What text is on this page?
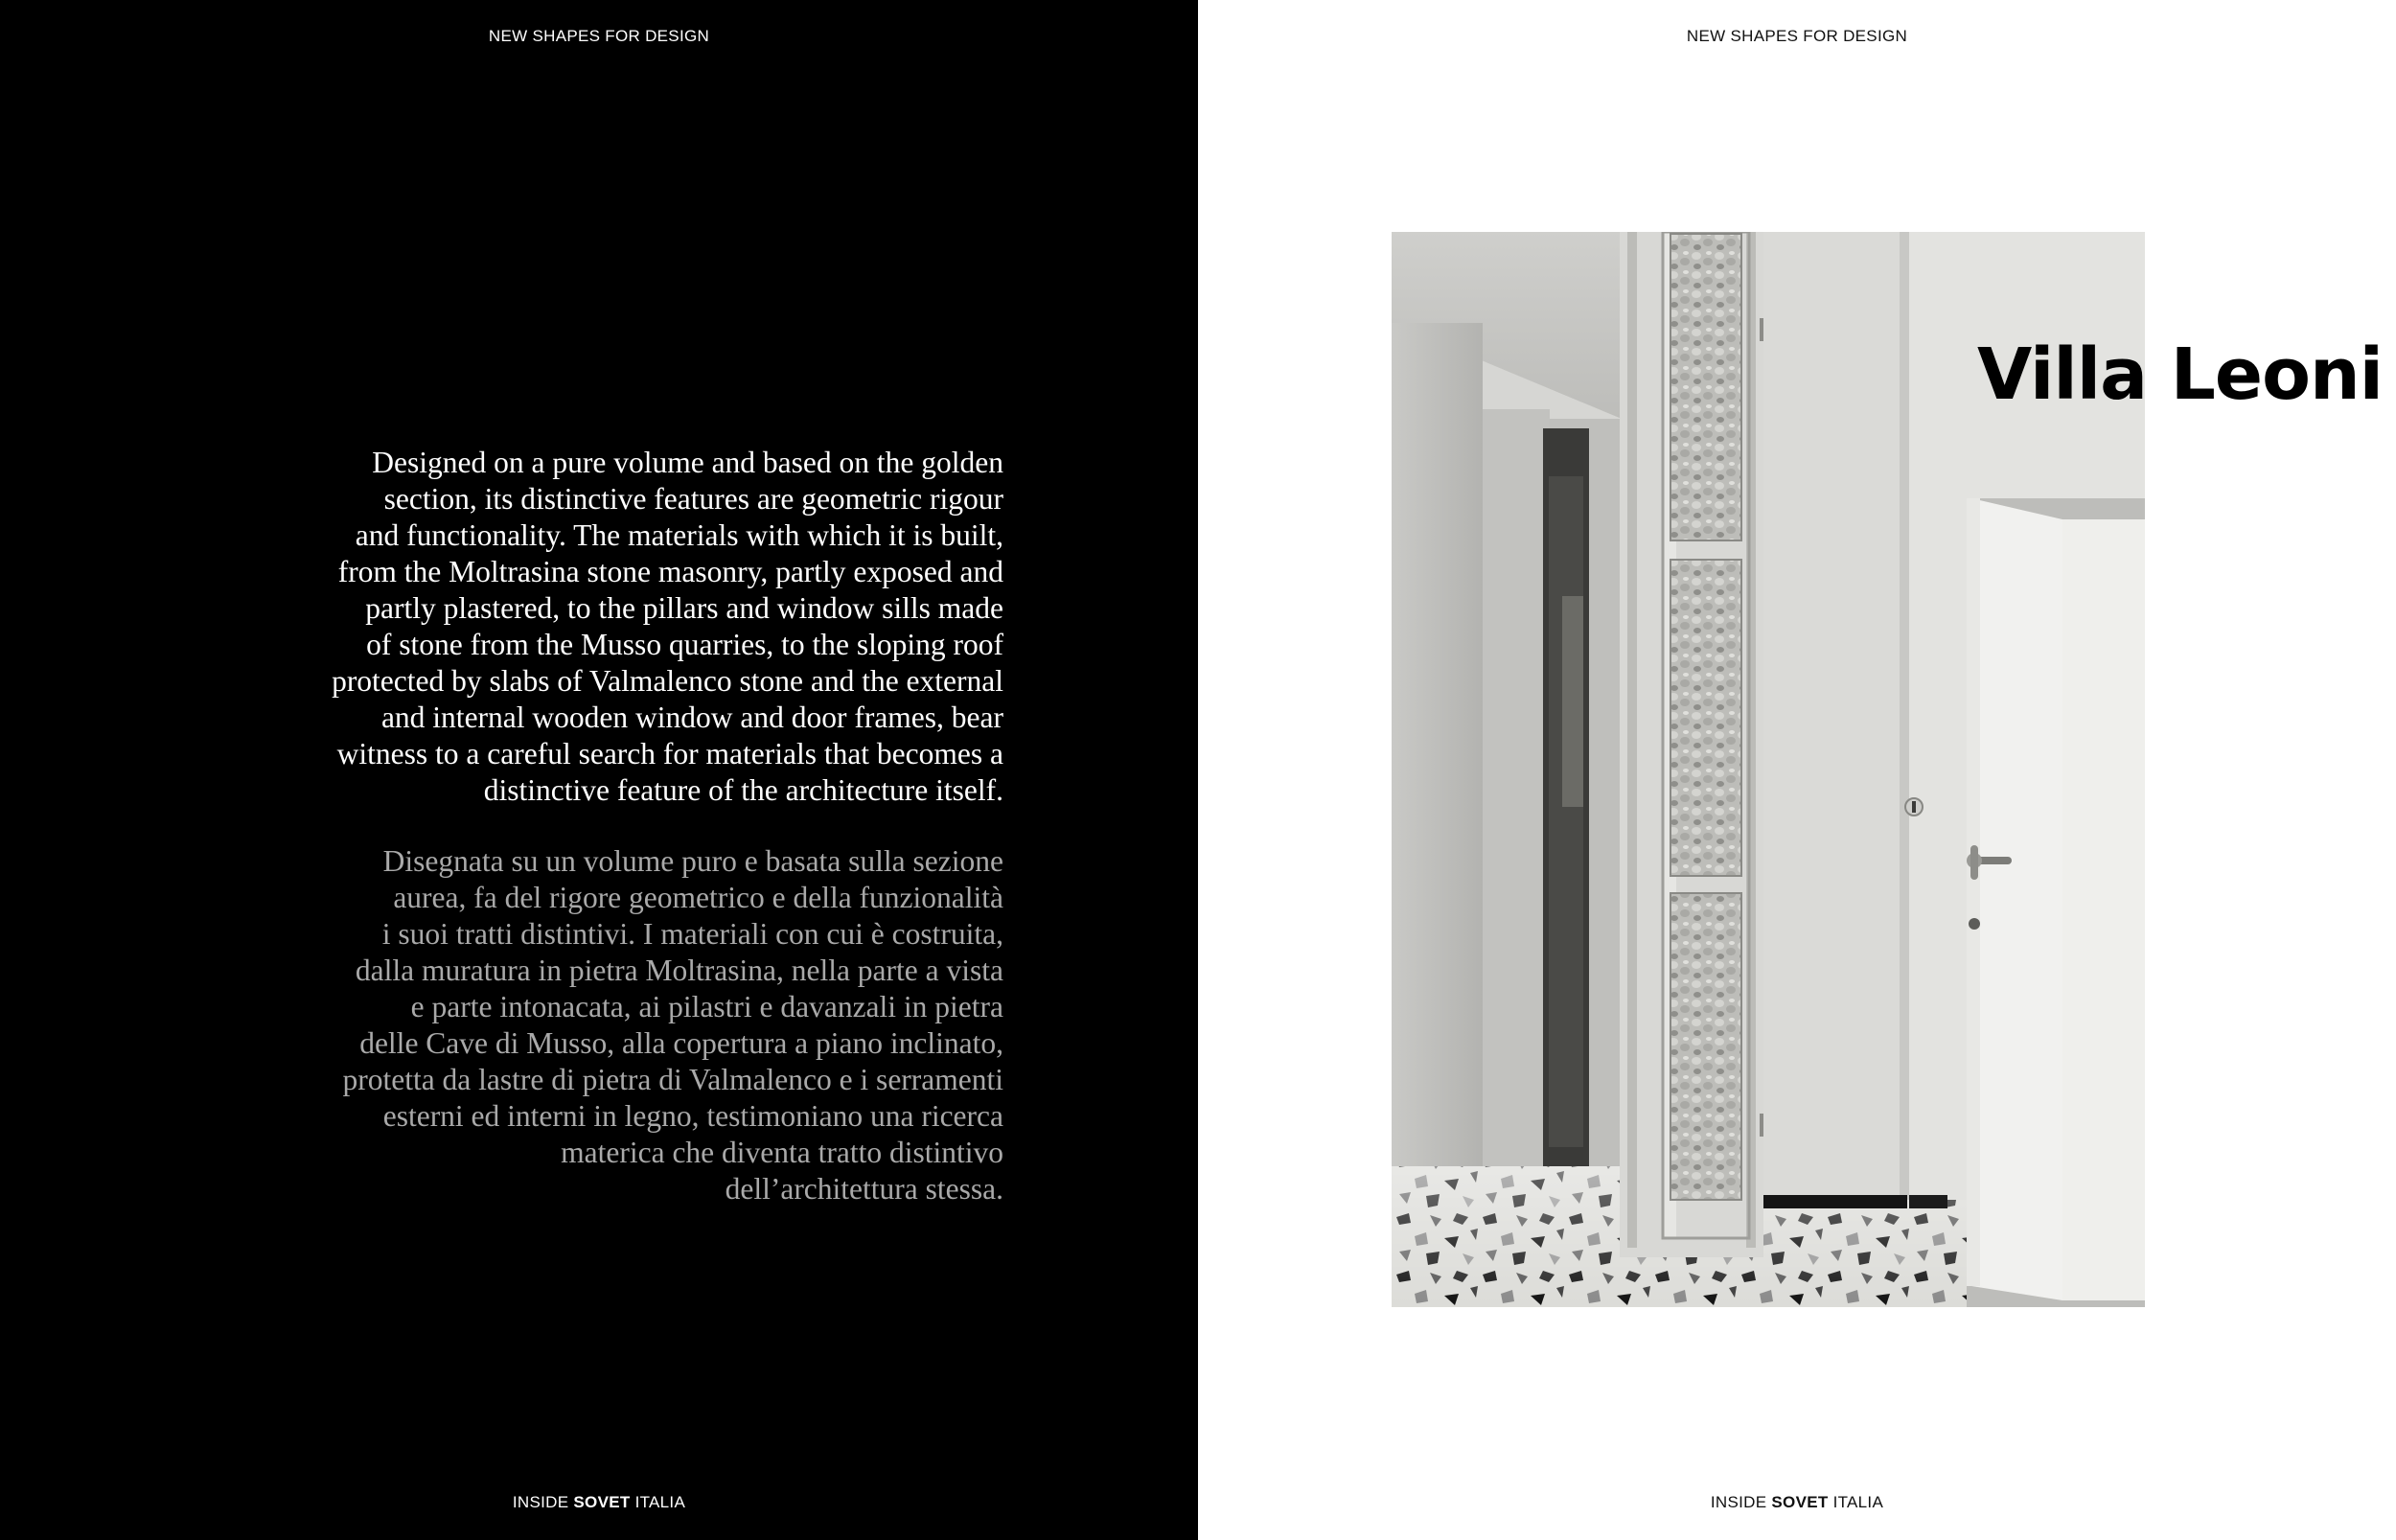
NEW SHAPES FOR DESIGN
Designed on a pure volume and based on the golden
section, its distinctive features are geometric rigour
and functionality. The materials with which it is built,
from the Moltrasina stone masonry, partly exposed and
partly plastered, to the pillars and window sills made
of stone from the Musso quarries, to the sloping roof
protected by slabs of Valmalenco stone and the external
and internal wooden window and door frames, bear
witness to a careful search for materials that becomes a
distinctive feature of the architecture itself.
Disegnata su un volume puro e basata sulla sezione
aurea, fa del rigore geometrico e della funzionalità
i suoi tratti distintivi. I materiali con cui è costruita,
dalla muratura in pietra Moltrasina, nella parte a vista
e parte intonacata, ai pilastri e davanzali in pietra
delle Cave di Musso, alla copertura a piano inclinato,
protetta da lastre di pietra di Valmalenco e i serramenti
esterni ed interni in legno, testimoniano una ricerca
materica che diventa tratto distintivo
dell’architettura stessa.
INSIDE SOVET ITALIA
NEW SHAPES FOR DESIGN
Villa Leoni
INSIDE SOVET ITALIA
